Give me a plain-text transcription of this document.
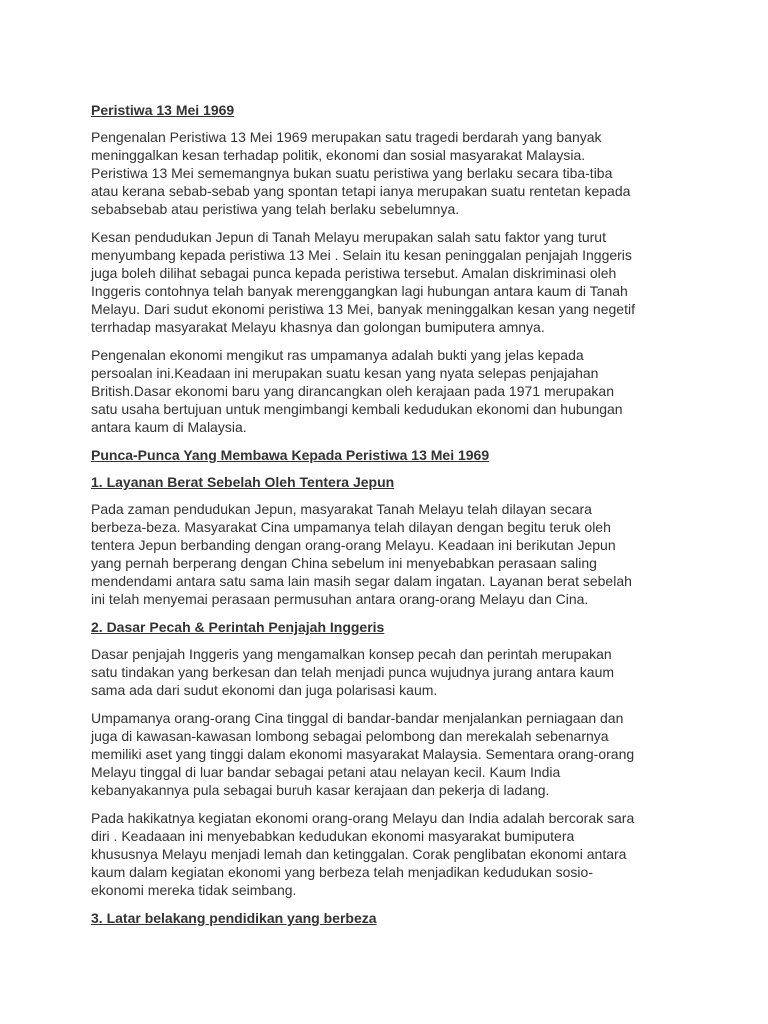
Peristiwa 13 Mei 1969
Pengenalan Peristiwa 13 Mei 1969 merupakan satu tragedi berdarah yang banyak
meninggalkan kesan terhadap politik, ekonomi dan sosial masyarakat Malaysia.
Peristiwa 13 Mei sememangnya bukan suatu peristiwa yang berlaku secara tiba-tiba
atau kerana sebab-sebab yang spontan tetapi ianya merupakan suatu rentetan kepada
sebabsebab atau peristiwa yang telah berlaku sebelumnya.
Kesan pendudukan Jepun di Tanah Melayu merupakan salah satu faktor yang turut
menyumbang kepada peristiwa 13 Mei . Selain itu kesan peninggalan penjajah Inggeris
juga boleh dilihat sebagai punca kepada peristiwa tersebut. Amalan diskriminasi oleh
Inggeris contohnya telah banyak merenggangkan lagi hubungan antara kaum di Tanah
Melayu. Dari sudut ekonomi peristiwa 13 Mei, banyak meninggalkan kesan yang negetif
terrhadap masyarakat Melayu khasnya dan golongan bumiputera amnya.
Pengenalan ekonomi mengikut ras umpamanya adalah bukti yang jelas kepada
persoalan ini.Keadaan ini merupakan suatu kesan yang nyata selepas penjajahan
British.Dasar ekonomi baru yang dirancangkan oleh kerajaan pada 1971 merupakan
satu usaha bertujuan untuk mengimbangi kembali kedudukan ekonomi dan hubungan
antara kaum di Malaysia.
Punca-Punca Yang Membawa Kepada Peristiwa 13 Mei 1969
1. Layanan Berat Sebelah Oleh Tentera Jepun
Pada zaman pendudukan Jepun, masyarakat Tanah Melayu telah dilayan secara
berbeza-beza. Masyarakat Cina umpamanya telah dilayan dengan begitu teruk oleh
tentera Jepun berbanding dengan orang-orang Melayu. Keadaan ini berikutan Jepun
yang pernah berperang dengan China sebelum ini menyebabkan perasaan saling
mendendami antara satu sama lain masih segar dalam ingatan. Layanan berat sebelah
ini telah menyemai perasaan permusuhan antara orang-orang Melayu dan Cina.
2. Dasar Pecah & Perintah Penjajah Inggeris
Dasar penjajah Inggeris yang mengamalkan konsep pecah dan perintah merupakan
satu tindakan yang berkesan dan telah menjadi punca wujudnya jurang antara kaum
sama ada dari sudut ekonomi dan juga polarisasi kaum.
Umpamanya orang-orang Cina tinggal di bandar-bandar menjalankan perniagaan dan
juga di kawasan-kawasan lombong sebagai pelombong dan merekalah sebenarnya
memiliki aset yang tinggi dalam ekonomi masyarakat Malaysia. Sementara orang-orang
Melayu tinggal di luar bandar sebagai petani atau nelayan kecil. Kaum India
kebanyakannya pula sebagai buruh kasar kerajaan dan pekerja di ladang.
Pada hakikatnya kegiatan ekonomi orang-orang Melayu dan India adalah bercorak sara
diri . Keadaaan ini menyebabkan kedudukan ekonomi masyarakat bumiputera
khususnya Melayu menjadi lemah dan ketinggalan. Corak penglibatan ekonomi antara
kaum dalam kegiatan ekonomi yang berbeza telah menjadikan kedudukan sosio-
ekonomi mereka tidak seimbang.
3. Latar belakang pendidikan yang berbeza
